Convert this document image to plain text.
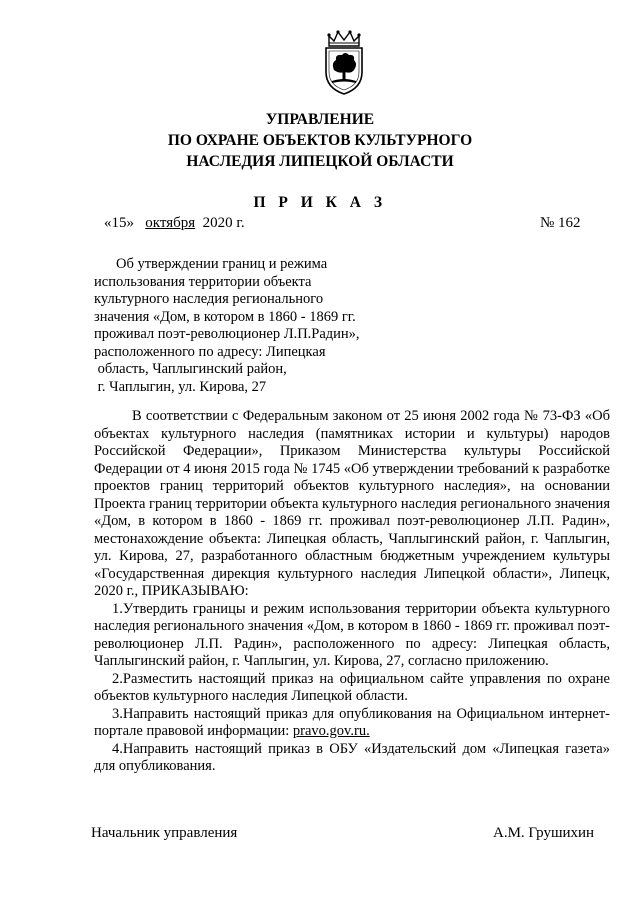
УПРАВЛЕНИЕ
ПО ОХРАНЕ ОБЪЕКТОВ КУЛЬТУРНОГО
НАСЛЕДИЯ ЛИПЕЦКОЙ ОБЛАСТИ
П Р И К А З
«15» октября 2020 г.	№ 162
Об утверждении границ и режима
использования территории объекта
культурного наследия регионального
значения «Дом, в котором в 1860 - 1869 гг.
проживал поэт-революционер Л.П.Радин»,
расположенного по адресу: Липецкая
область, Чаплыгинский район,
г. Чаплыгин, ул. Кирова, 27

В соответствии с Федеральным законом от 25 июня 2002 года № 73-ФЗ «Об объектах культурного наследия (памятниках истории и культуры) народов Российской Федерации», Приказом Министерства культуры Российской Федерации от 4 июня 2015 года № 1745 «Об утверждении требований к разработке проектов границ территорий объектов культурного наследия», на основании Проекта границ территории объекта культурного наследия регионального значения «Дом, в котором в 1860 - 1869 гг. проживал поэт-революционер Л.П. Радин», местонахождение объекта: Липецкая область, Чаплыгинский район, г. Чаплыгин, ул. Кирова, 27, разработанного областным бюджетным учреждением культуры «Государственная дирекция культурного наследия Липецкой области», Липецк, 2020 г., ПРИКАЗЫВАЮ:

1.Утвердить границы и режим использования территории объекта культурного наследия регионального значения «Дом, в котором в 1860 - 1869 гг. проживал поэт-революционер Л.П. Радин», расположенного по адресу: Липецкая область, Чаплыгинский район, г. Чаплыгин, ул. Кирова, 27, согласно приложению.

2.Разместить настоящий приказ на официальном сайте управления по охране объектов культурного наследия Липецкой области.

3.Направить настоящий приказ для опубликования на Официальном интернет-портале правовой информации: pravo.gov.ru.

4.Направить настоящий приказ в ОБУ «Издательский дом «Липецкая газета» для опубликования.

Начальник управления	А.М. Грушихин
